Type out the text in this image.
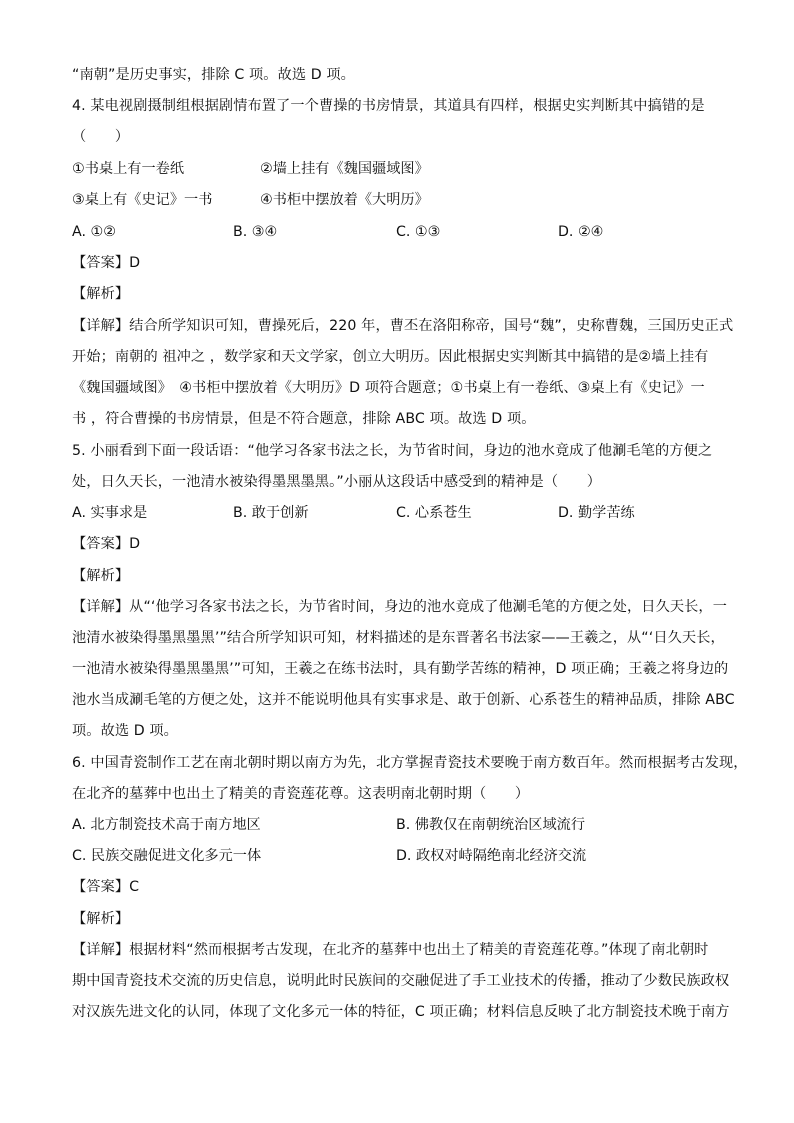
“南朝”是历史事实，排除 C 项。故选 D 项。
4. 某电视剧摄制组根据剧情布置了一个曹操的书房情景，其道具有四样，根据史实判断其中搞错的是
（　　）
①书桌上有一卷纸	②墙上挂有《魏国疆域图》
③桌上有《史记》一书	④书柜中摆放着《大明历》
A. ①②	B. ③④	C. ①③	D. ②④
【答案】D
【解析】
【详解】结合所学知识可知，曹操死后，220 年，曹丕在洛阳称帝，国号“魏”，史称曹魏，三国历史正式
开始；南朝的 祖冲之 ，数学家和天文学家，创立大明历。因此根据史实判断其中搞错的是②墙上挂有
《魏国疆域图》　④书柜中摆放着《大明历》D 项符合题意；①书桌上有一卷纸、③桌上有《史记》一
书 ，符合曹操的书房情景，但是不符合题意，排除 ABC 项。故选 D 项。
5. 小丽看到下面一段话语：“他学习各家书法之长，为节省时间，身边的池水竟成了他涮毛笔的方便之
处，日久天长，一池清水被染得墨黑墨黑。”小丽从这段话中感受到的精神是（　　）
A. 实事求是	B. 敢于创新	C. 心系苍生	D. 勤学苦练
【答案】D
【解析】
【详解】从“‘他学习各家书法之长，为节省时间，身边的池水竟成了他涮毛笔的方便之处，日久天长，一
池清水被染得墨黑墨黑’”结合所学知识可知，材料描述的是东晋著名书法家——王羲之，从“‘日久天长，
一池清水被染得墨黑墨黑’”可知，王羲之在练书法时，具有勤学苦练的精神，D 项正确；王羲之将身边的
池水当成涮毛笔的方便之处，这并不能说明他具有实事求是、敢于创新、心系苍生的精神品质，排除 ABC
项。故选 D 项。
6. 中国青瓷制作工艺在南北朝时期以南方为先，北方掌握青瓷技术要晚于南方数百年。然而根据考古发现，
在北齐的墓葬中也出土了精美的青瓷莲花尊。这表明南北朝时期（　　）
A. 北方制瓷技术高于南方地区	B. 佛教仅在南朝统治区域流行
C. 民族交融促进文化多元一体	D. 政权对峙隔绝南北经济交流
【答案】C
【解析】
【详解】根据材料“然而根据考古发现，在北齐的墓葬中也出土了精美的青瓷莲花尊。”体现了南北朝时
期中国青瓷技术交流的历史信息，说明此时民族间的交融促进了手工业技术的传播，推动了少数民族政权
对汉族先进文化的认同，体现了文化多元一体的特征，C 项正确；材料信息反映了北方制瓷技术晚于南方
